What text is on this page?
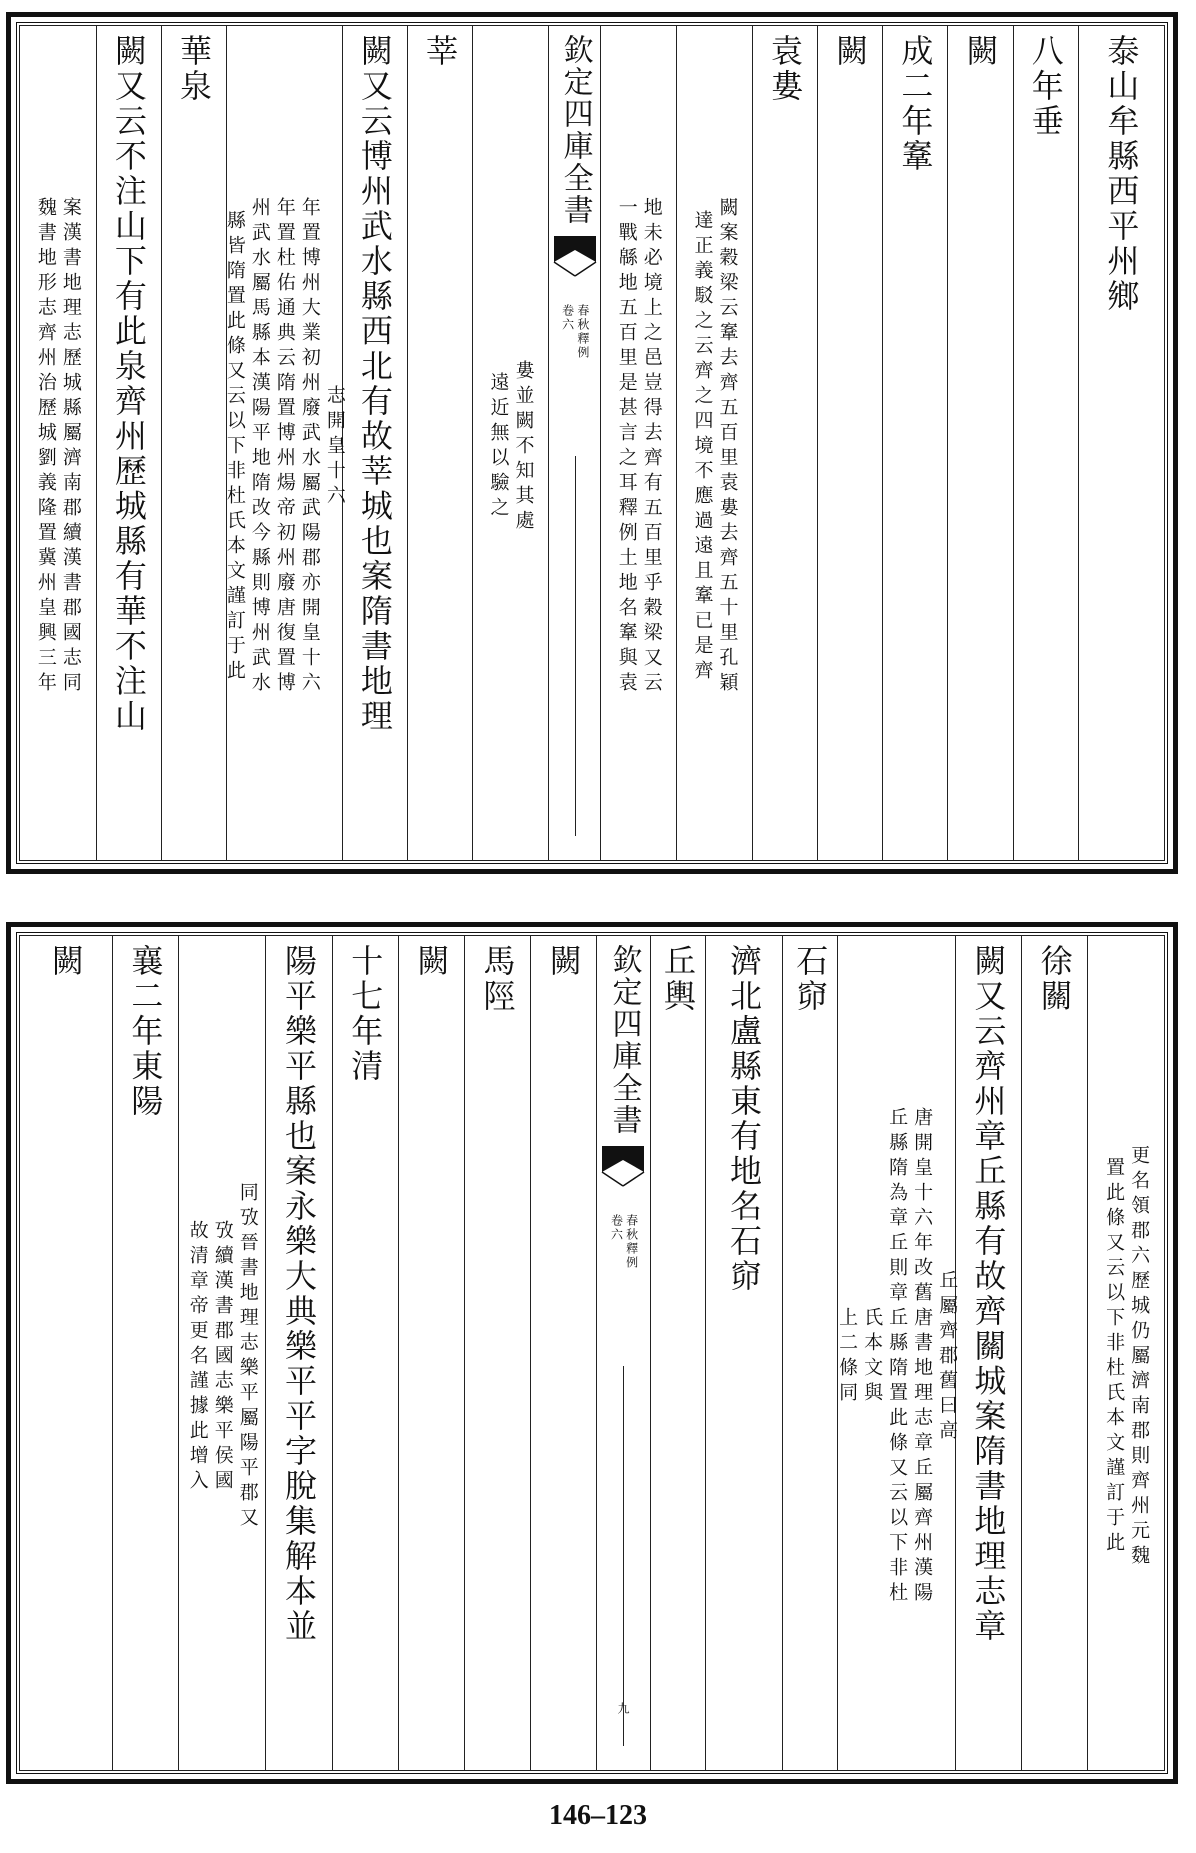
泰山牟縣西平州鄉
八年垂
闕
成二年鞌
闕
袁婁
闕案穀梁云鞌去齊五百里袁婁去齊五十里孔穎
達正義駁之云齊之四境不應過遠且鞌已是齊
地未必境上之邑豈得去齊有五百里乎穀梁又云
一戰緜地五百里是甚言之耳釋例土地名鞌與袁
欽定四庫全書
春秋釋例
卷六
婁並闕不知其處
遠近無以驗之
莘
闕又云博州武水縣西北有故莘城也案隋書地理
志開皇十六
年置博州大業初州廢武水屬武陽郡亦開皇十六
年置杜佑通典云隋置博州煬帝初州廢唐復置博
州武水屬馬縣本漢陽平地隋改今縣則博州武水
縣皆隋置此條又云以下非杜氏本文謹訂于此
華泉
闕又云不注山下有此泉齊州歷城縣有華不注山
案漢書地理志歷城縣屬濟南郡續漢書郡國志同
魏書地形志齊州治歷城劉義隆置冀州皇興三年
更名領郡六歷城仍屬濟南郡則齊州元魏
置此條又云以下非杜氏本文謹訂于此
徐關
闕又云齊州章丘縣有故齊關城案隋書地理志章
丘屬齊郡舊曰高
唐開皇十六年改舊唐書地理志章丘屬齊州漢陽
丘縣隋為章丘則章丘縣隋置此條又云以下非杜
氏本文與
上二條同
石窌
濟北盧縣東有地名石窌
丘輿
欽定四庫全書
春秋釋例
卷六
九
闕
馬陘
闕
十七年清
陽平樂平縣也案永樂大典樂平平字脫集解本並
同攷晉書地理志樂平屬陽平郡又
攷續漢書郡國志樂平侯國
故清章帝更名謹據此增入
襄二年東陽
闕
146–123
